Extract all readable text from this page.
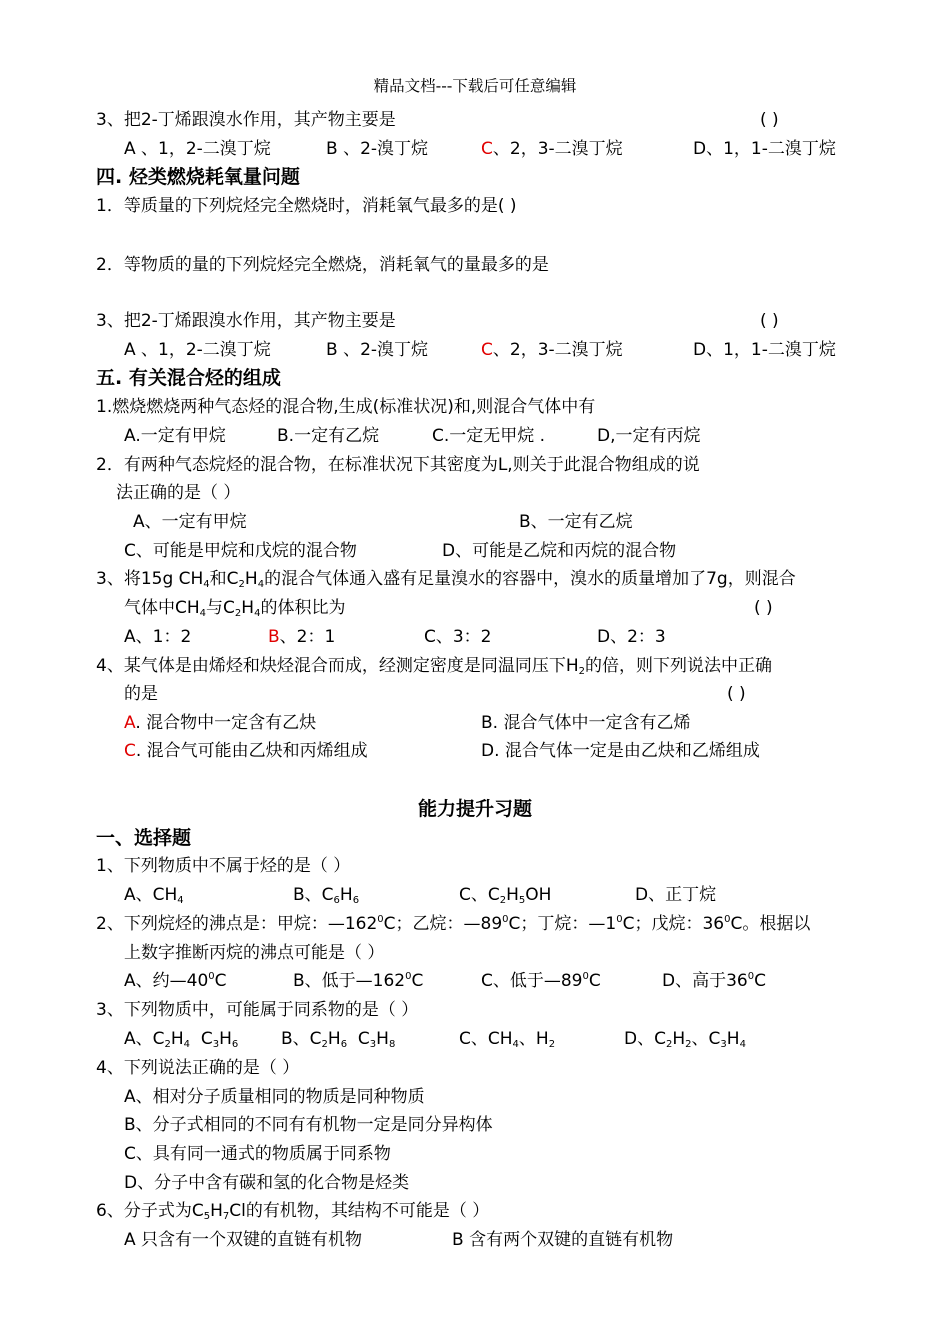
精品文档---下载后可任意编辑
3、把2-丁烯跟溴水作用，其产物主要是	( )
A 、1，2-二溴丁烷	B 、2-溴丁烷	C、2，3-二溴丁烷	D、1，1-二溴丁烷
四. 烃类燃烧耗氧量问题
1．等质量的下列烷烃完全燃烧时，消耗氧气最多的是( )
2．等物质的量的下列烷烃完全燃烧，消耗氧气的量最多的是
3、把2-丁烯跟溴水作用，其产物主要是	( )
A 、1，2-二溴丁烷	B 、2-溴丁烷	C、2，3-二溴丁烷	D、1，1-二溴丁烷
五. 有关混合烃的组成
1.燃烧燃烧两种气态烃的混合物,生成(标准状况)和,则混合气体中有
A.一定有甲烷	B.一定有乙烷	C.一定无甲烷 .	D,一定有丙烷
2．有两种气态烷烃的混合物，在标准状况下其密度为L,则关于此混合物组成的说
法正确的是（ ）
A、一定有甲烷	B、一定有乙烷
C、可能是甲烷和戊烷的混合物	D、可能是乙烷和丙烷的混合物
3、将15g $CH_4$和$C_2H_4$的混合气体通入盛有足量溴水的容器中，溴水的质量增加了7g，则混合
气体中$CH_4$与$C_2H_4$的体积比为	( )
A、1：2	B、2：1	C、3：2	D、2：3
4、某气体是由烯烃和炔烃混合而成，经测定密度是同温同压下$H_2$的倍，则下列说法中正确
的是	( )
A. 混合物中一定含有乙炔	B. 混合气体中一定含有乙烯
C. 混合气可能由乙炔和丙烯组成	D. 混合气体一定是由乙炔和乙烯组成
能力提升习题
一、选择题
1、下列物质中不属于烃的是（ ）
A、$CH_4$	B、$C_6H_6$	C、$C_2H_5OH$	D、正丁烷
2、下列烷烃的沸点是：甲烷：$—162^0C$；乙烷：$—89^0C$；丁烷：$—1^0C$；戊烷：$36^0C$。根据以
上数字推断丙烷的沸点可能是（ ）
A、约$—40^0C$	B、低于$—162^0C$	C、低于$—89^0C$	D、高于$36^0C$
3、下列物质中，可能属于同系物的是（ ）
A、$C_2H_4$  $C_3H_6$	B、$C_2H_6$  $C_3H_8$	C、$CH_4$、$H_2$	D、$C_2H_2$、$C_3H_4$
4、下列说法正确的是（ ）
A、相对分子质量相同的物质是同种物质
B、分子式相同的不同有有机物一定是同分异构体
C、具有同一通式的物质属于同系物
D、分子中含有碳和氢的化合物是烃类
6、分子式为$C_5H_7Cl$的有机物，其结构不可能是（ ）
A 只含有一个双键的直链有机物	B 含有两个双键的直链有机物
